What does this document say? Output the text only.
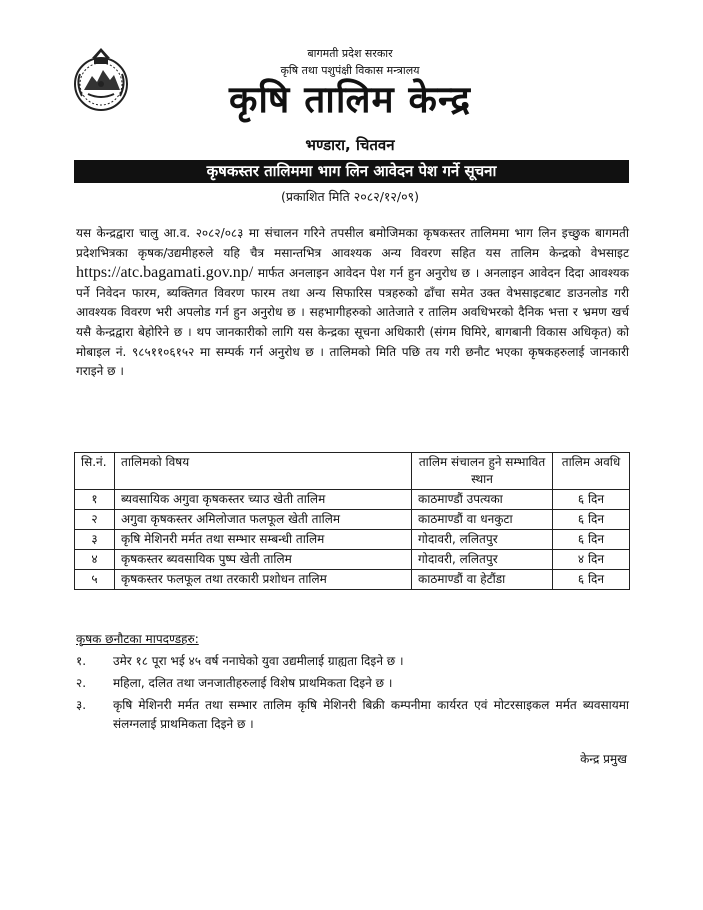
बागमती प्रदेश सरकार
कृषि तथा पशुपंक्षी विकास मन्त्रालय
कृषि तालिम केन्द्र
भण्डारा, चितवन
कृषकस्तर तालिममा भाग लिन आवेदन पेश गर्ने सूचना
(प्रकाशित मिति २०८२/१२/०९)
यस केन्द्रद्वारा चालु आ.व. २०८२/०८३ मा संचालन गरिने तपसील बमोजिमका कृषकस्तर तालिममा भाग लिन इच्छुक बागमती प्रदेशभित्रका कृषक/उद्यमीहरुले यहि चैत्र मसान्तभित्र आवश्यक अन्य विवरण सहित यस तालिम केन्द्रको वेभसाइट https://atc.bagamati.gov.np/ मार्फत अनलाइन आवेदन पेश गर्न हुन अनुरोध छ । अनलाइन आवेदन दिदा आवश्यक पर्ने निवेदन फारम, ब्यक्तिगत विवरण फारम तथा अन्य सिफारिस पत्रहरुको ढाँचा समेत उक्त वेभसाइटबाट डाउनलोड गरी आवश्यक विवरण भरी अपलोड गर्न हुन अनुरोध छ । सहभागीहरुको आतेजाते र तालिम अवधिभरको दैनिक भत्ता र भ्रमण खर्च यसै केन्द्रद्वारा बेहोरिने छ । थप जानकारीको लागि यस केन्द्रका सूचना अधिकारी (संगम घिमिरे, बागबानी विकास अधिकृत) को मोबाइल नं. ९८५११०६१५२ मा सम्पर्क गर्न अनुरोध छ । तालिमको मिति पछि तय गरी छनौट भएका कृषकहरुलाई जानकारी गराइने छ ।
सि.नं.	तालिमको विषय	तालिम संचालन हुने सम्भावित स्थान	तालिम अवधि
१	ब्यवसायिक अगुवा कृषकस्तर च्याउ खेती तालिम	काठमाण्डौं उपत्यका	६ दिन
२	अगुवा कृषकस्तर अमिलोजात फलफूल खेती तालिम	काठमाण्डौं वा धनकुटा	६ दिन
३	कृषि मेशिनरी मर्मत तथा सम्भार सम्बन्धी तालिम	गोदावरी, ललितपुर	६ दिन
४	कृषकस्तर ब्यवसायिक पुष्प खेती तालिम	गोदावरी, ललितपुर	४ दिन
५	कृषकस्तर फलफूल तथा तरकारी प्रशोधन तालिम	काठमाण्डौं वा हेटौंडा	६ दिन
कृषक छनौटका मापदण्डहरु:
१.	उमेर १८ पूरा भई ४५ वर्ष ननाघेको युवा उद्यमीलाई ग्राह्यता दिइने छ ।
२.	महिला, दलित तथा जनजातीहरुलाई विशेष प्राथमिकता दिइने छ ।
३.	कृषि मेशिनरी मर्मत तथा सम्भार तालिम कृषि मेशिनरी बिक्री कम्पनीमा कार्यरत एवं मोटरसाइकल मर्मत ब्यवसायमा संलग्नलाई प्राथमिकता दिइने छ ।
केन्द्र प्रमुख
